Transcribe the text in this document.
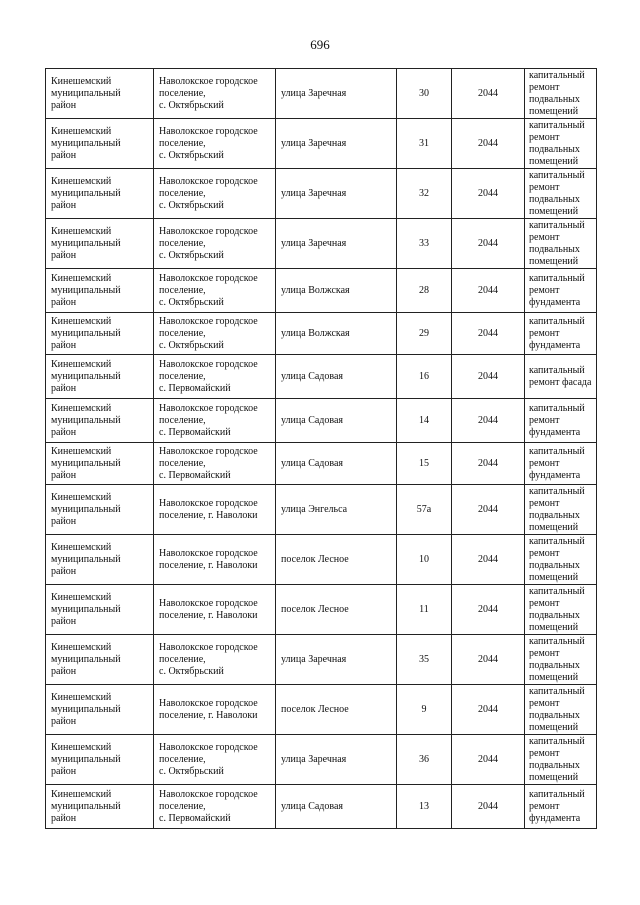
696
Кинешемский
муниципальный
район	Наволокское городское
поселение,
с. Октябрьский	улица Заречная	30	2044	капитальный
ремонт
подвальных
помещений
Кинешемский
муниципальный
район	Наволокское городское
поселение,
с. Октябрьский	улица Заречная	31	2044	капитальный
ремонт
подвальных
помещений
Кинешемский
муниципальный
район	Наволокское городское
поселение,
с. Октябрьский	улица Заречная	32	2044	капитальный
ремонт
подвальных
помещений
Кинешемский
муниципальный
район	Наволокское городское
поселение,
с. Октябрьский	улица Заречная	33	2044	капитальный
ремонт
подвальных
помещений
Кинешемский
муниципальный
район	Наволокское городское
поселение,
с. Октябрьский	улица Волжская	28	2044	капитальный
ремонт
фундамента
Кинешемский
муниципальный
район	Наволокское городское
поселение,
с. Октябрьский	улица Волжская	29	2044	капитальный
ремонт
фундамента
Кинешемский
муниципальный
район	Наволокское городское
поселение,
с. Первомайский	улица Садовая	16	2044	капитальный
ремонт фасада
Кинешемский
муниципальный
район	Наволокское городское
поселение,
с. Первомайский	улица Садовая	14	2044	капитальный
ремонт
фундамента
Кинешемский
муниципальный
район	Наволокское городское
поселение,
с. Первомайский	улица Садовая	15	2044	капитальный
ремонт
фундамента
Кинешемский
муниципальный
район	Наволокское городское
поселение, г. Наволоки	улица Энгельса	57а	2044	капитальный
ремонт
подвальных
помещений
Кинешемский
муниципальный
район	Наволокское городское
поселение, г. Наволоки	поселок Лесное	10	2044	капитальный
ремонт
подвальных
помещений
Кинешемский
муниципальный
район	Наволокское городское
поселение, г. Наволоки	поселок Лесное	11	2044	капитальный
ремонт
подвальных
помещений
Кинешемский
муниципальный
район	Наволокское городское
поселение,
с. Октябрьский	улица Заречная	35	2044	капитальный
ремонт
подвальных
помещений
Кинешемский
муниципальный
район	Наволокское городское
поселение, г. Наволоки	поселок Лесное	9	2044	капитальный
ремонт
подвальных
помещений
Кинешемский
муниципальный
район	Наволокское городское
поселение,
с. Октябрьский	улица Заречная	36	2044	капитальный
ремонт
подвальных
помещений
Кинешемский
муниципальный
район	Наволокское городское
поселение,
с. Первомайский	улица Садовая	13	2044	капитальный
ремонт
фундамента
